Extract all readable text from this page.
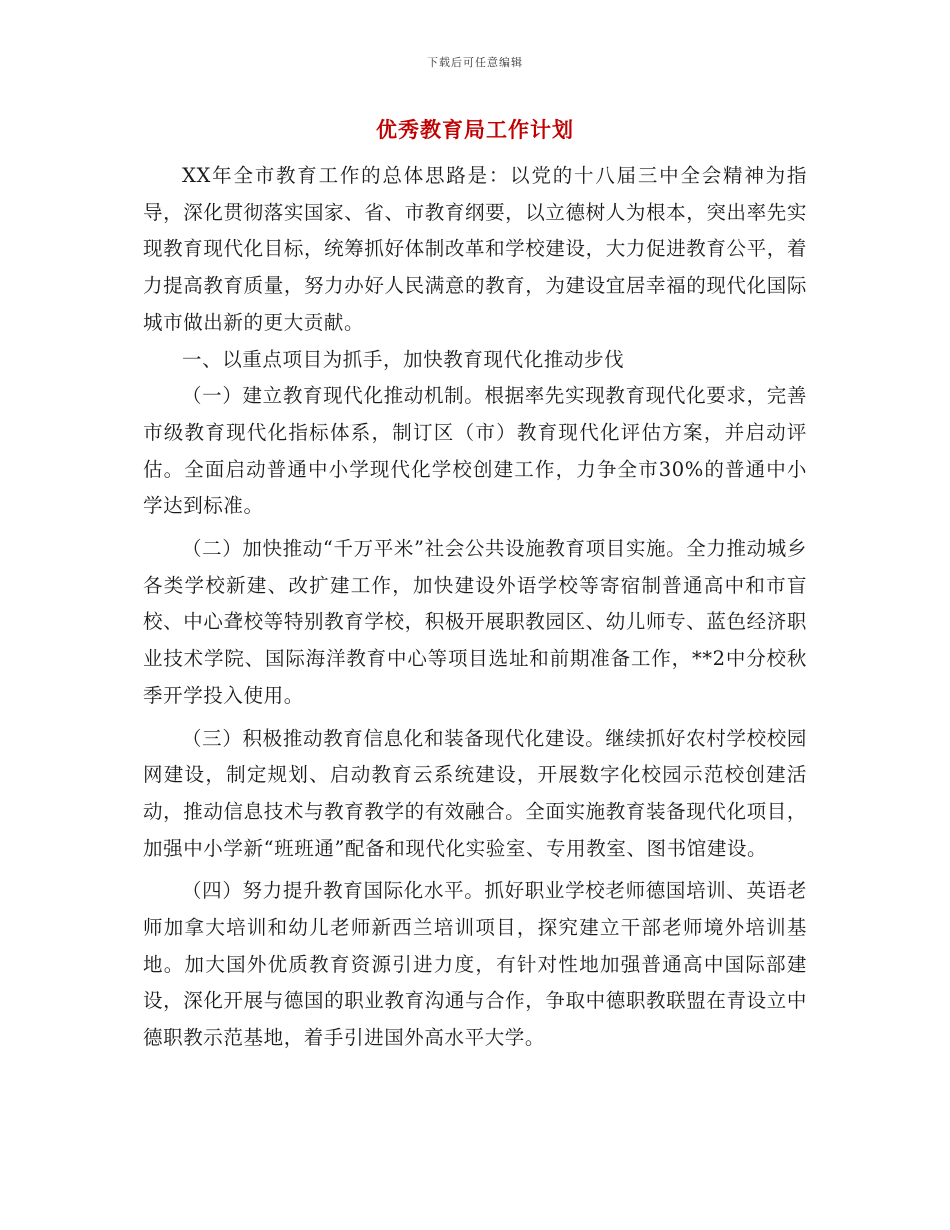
下载后可任意编辑
优秀教育局工作计划

XX年全市教育工作的总体思路是：以党的十八届三中全会精神为指导，深化贯彻落实国家、省、市教育纲要，以立德树人为根本，突出率先实现教育现代化目标，统筹抓好体制改革和学校建设，大力促进教育公平，着力提高教育质量，努力办好人民满意的教育，为建设宜居幸福的现代化国际城市做出新的更大贡献。

一、以重点项目为抓手，加快教育现代化推动步伐

（一）建立教育现代化推动机制。根据率先实现教育现代化要求，完善市级教育现代化指标体系，制订区（市）教育现代化评估方案，并启动评估。全面启动普通中小学现代化学校创建工作，力争全市30%的普通中小学达到标准。

（二）加快推动“千万平米”社会公共设施教育项目实施。全力推动城乡各类学校新建、改扩建工作，加快建设外语学校等寄宿制普通高中和市盲校、中心聋校等特别教育学校，积极开展职教园区、幼儿师专、蓝色经济职业技术学院、国际海洋教育中心等项目选址和前期准备工作，**2中分校秋季开学投入使用。

（三）积极推动教育信息化和装备现代化建设。继续抓好农村学校校园网建设，制定规划、启动教育云系统建设，开展数字化校园示范校创建活动，推动信息技术与教育教学的有效融合。全面实施教育装备现代化项目，加强中小学新“班班通”配备和现代化实验室、专用教室、图书馆建设。

（四）努力提升教育国际化水平。抓好职业学校老师德国培训、英语老师加拿大培训和幼儿老师新西兰培训项目，探究建立干部老师境外培训基地。加大国外优质教育资源引进力度，有针对性地加强普通高中国际部建设，深化开展与德国的职业教育沟通与合作，争取中德职教联盟在青设立中德职教示范基地，着手引进国外高水平大学。
